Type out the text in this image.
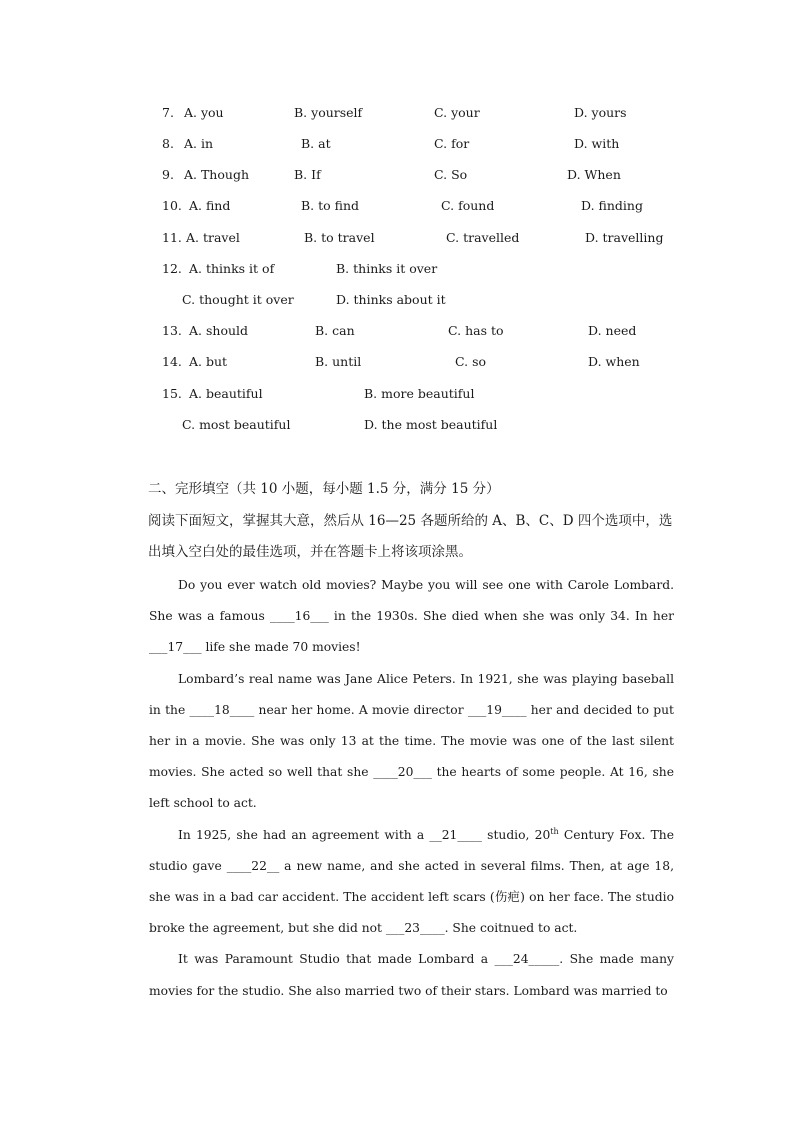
7. A. you	B. yourself	C. your	D. yours
8. A. in	B. at	C. for	D. with
9. A. Though	B. If	C. So	D. When
10. A. find	B. to find	C. found	D. finding
11. A. travel	B. to travel	C. travelled	D. travelling
12. A. thinks it of	B. thinks it over
C. thought it over	D. thinks about it
13. A. should	B. can	C. has to	D. need
14. A. but	B. until	C. so	D. when
15. A. beautiful	B. more beautiful
C. most beautiful	D. the most beautiful
二、完形填空（共 10 小题，每小题 1.5 分，满分 15 分）
阅读下面短文，掌握其大意，然后从 16—25 各题所给的 A、B、C、D 四个选项中，选
出填入空白处的最佳选项，并在答题卡上将该项涂黑。

Do you ever watch old movies? Maybe you will see one with Carole Lombard. She was a famous ____16___ in the 1930s. She died when she was only 34. In her ___17___ life she made 70 movies!

Lombard’s real name was Jane Alice Peters. In 1921, she was playing baseball in the ____18____ near her home. A movie director ___19____ her and decided to put her in a movie. She was only 13 at the time. The movie was one of the last silent movies. She acted so well that she ____20___ the hearts of some people. At 16, she left school to act.

In 1925, she had an agreement with a __21____ studio, 20th Century Fox. The studio gave ____22__ a new name, and she acted in several films. Then, at age 18, she was in a bad car accident. The accident left scars (伤疤) on her face. The studio broke the agreement, but she did not ___23____. She coitnued to act.

It was Paramount Studio that made Lombard a ___24_____. She made many movies for the studio. She also married two of their stars. Lombard was married to
